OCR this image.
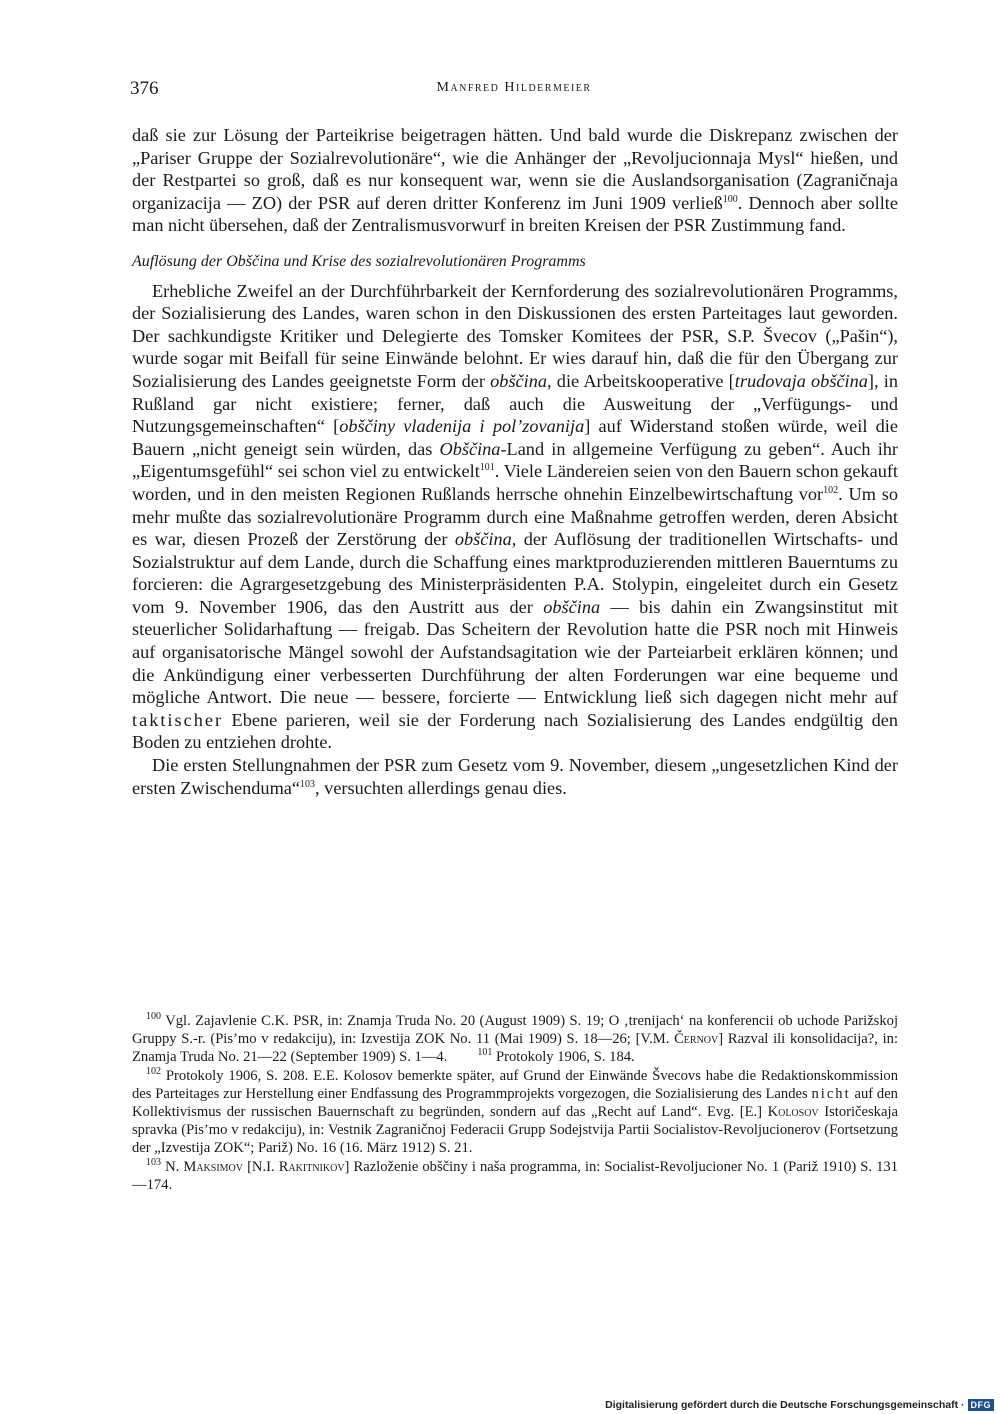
376	Manfred Hildermeier

daß sie zur Lösung der Parteikrise beigetragen hätten. Und bald wurde die Diskrepanz zwischen der „Pariser Gruppe der Sozialrevolutionäre“, wie die Anhänger der „Revoljucionnaja Mysl“ hießen, und der Restpartei so groß, daß es nur konsequent war, wenn sie die Auslandsorganisation (Zagraničnaja organizacija — ZO) der PSR auf deren dritter Konferenz im Juni 1909 verließ$^{100}$. Dennoch aber sollte man nicht übersehen, daß der Zentralismusvorwurf in breiten Kreisen der PSR Zustimmung fand.

Auflösung der Obščina und Krise des sozialrevolutionären Programms

Erhebliche Zweifel an der Durchführbarkeit der Kernforderung des sozialrevolutionären Programms, der Sozialisierung des Landes, waren schon in den Diskussionen des ersten Parteitages laut geworden. Der sachkundigste Kritiker und Delegierte des Tomsker Komitees der PSR, S.P. Švecov („Pašin“), wurde sogar mit Beifall für seine Einwände belohnt. Er wies darauf hin, daß die für den Übergang zur Sozialisierung des Landes geeignetste Form der obščina, die Arbeitskooperative [trudovaja obščina], in Rußland gar nicht existiere; ferner, daß auch die Ausweitung der „Verfügungs- und Nutzungsgemeinschaften“ [obščiny vladenija i pol’zovanija] auf Widerstand stoßen würde, weil die Bauern „nicht geneigt sein würden, das Obščina-Land in allgemeine Verfügung zu geben“. Auch ihr „Eigentumsgefühl“ sei schon viel zu entwickelt$^{101}$. Viele Ländereien seien von den Bauern schon gekauft worden, und in den meisten Regionen Rußlands herrsche ohnehin Einzelbewirtschaftung vor$^{102}$. Um so mehr mußte das sozialrevolutionäre Programm durch eine Maßnahme getroffen werden, deren Absicht es war, diesen Prozeß der Zerstörung der obščina, der Auflösung der traditionellen Wirtschafts- und Sozialstruktur auf dem Lande, durch die Schaffung eines marktproduzierenden mittleren Bauerntums zu forcieren: die Agrargesetzgebung des Ministerpräsidenten P.A. Stolypin, eingeleitet durch ein Gesetz vom 9. November 1906, das den Austritt aus der obščina — bis dahin ein Zwangsinstitut mit steuerlicher Solidarhaftung — freigab. Das Scheitern der Revolution hatte die PSR noch mit Hinweis auf organisatorische Mängel sowohl der Aufstandsagitation wie der Parteiarbeit erklären können; und die Ankündigung einer verbesserten Durchführung der alten Forderungen war eine bequeme und mögliche Antwort. Die neue — bessere, forcierte — Entwicklung ließ sich dagegen nicht mehr auf taktischer Ebene parieren, weil sie der Forderung nach Sozialisierung des Landes endgültig den Boden zu entziehen drohte.

Die ersten Stellungnahmen der PSR zum Gesetz vom 9. November, diesem „ungesetzlichen Kind der ersten Zwischenduma“$^{103}$, versuchten allerdings genau dies.

$^{100}$ Vgl. Zajavlenie C.K. PSR, in: Znamja Truda No. 20 (August 1909) S. 19; O ‚trenijach‘ na konferencii ob uchode Parižskoj Gruppy S.-r. (Pis’mo v redakciju), in: Izvestija ZOK No. 11 (Mai 1909) S. 18—26; [V.M. Černov] Razval ili konsolidacija?, in: Znamja Truda No. 21—22 (September 1909) S. 1—4.	$^{101}$ Protokoly 1906, S. 184.

$^{102}$ Protokoly 1906, S. 208. E.E. Kolosov bemerkte später, auf Grund der Einwände Švecovs habe die Redaktionskommission des Parteitages zur Herstellung einer Endfassung des Programmprojekts vorgezogen, die Sozialisierung des Landes nicht auf den Kollektivismus der russischen Bauernschaft zu begründen, sondern auf das „Recht auf Land“. Evg. [E.] Kolosov Istoričeskaja spravka (Pis’mo v redakciju), in: Vestnik Zagraničnoj Federacii Grupp Sodejstvija Partii Socialistov-Revoljucionerov (Fortsetzung der „Izvestija ZOK“; Pariž) No. 16 (16. März 1912) S. 21.

$^{103}$ N. Maksimov [N.I. Rakitnikov] Razloženie obščiny i naša programma, in: Socialist-Revoljucioner No. 1 (Pariž 1910) S. 131—174.

Digitalisierung gefördert durch die Deutsche Forschungsgemeinschaft · DFG
